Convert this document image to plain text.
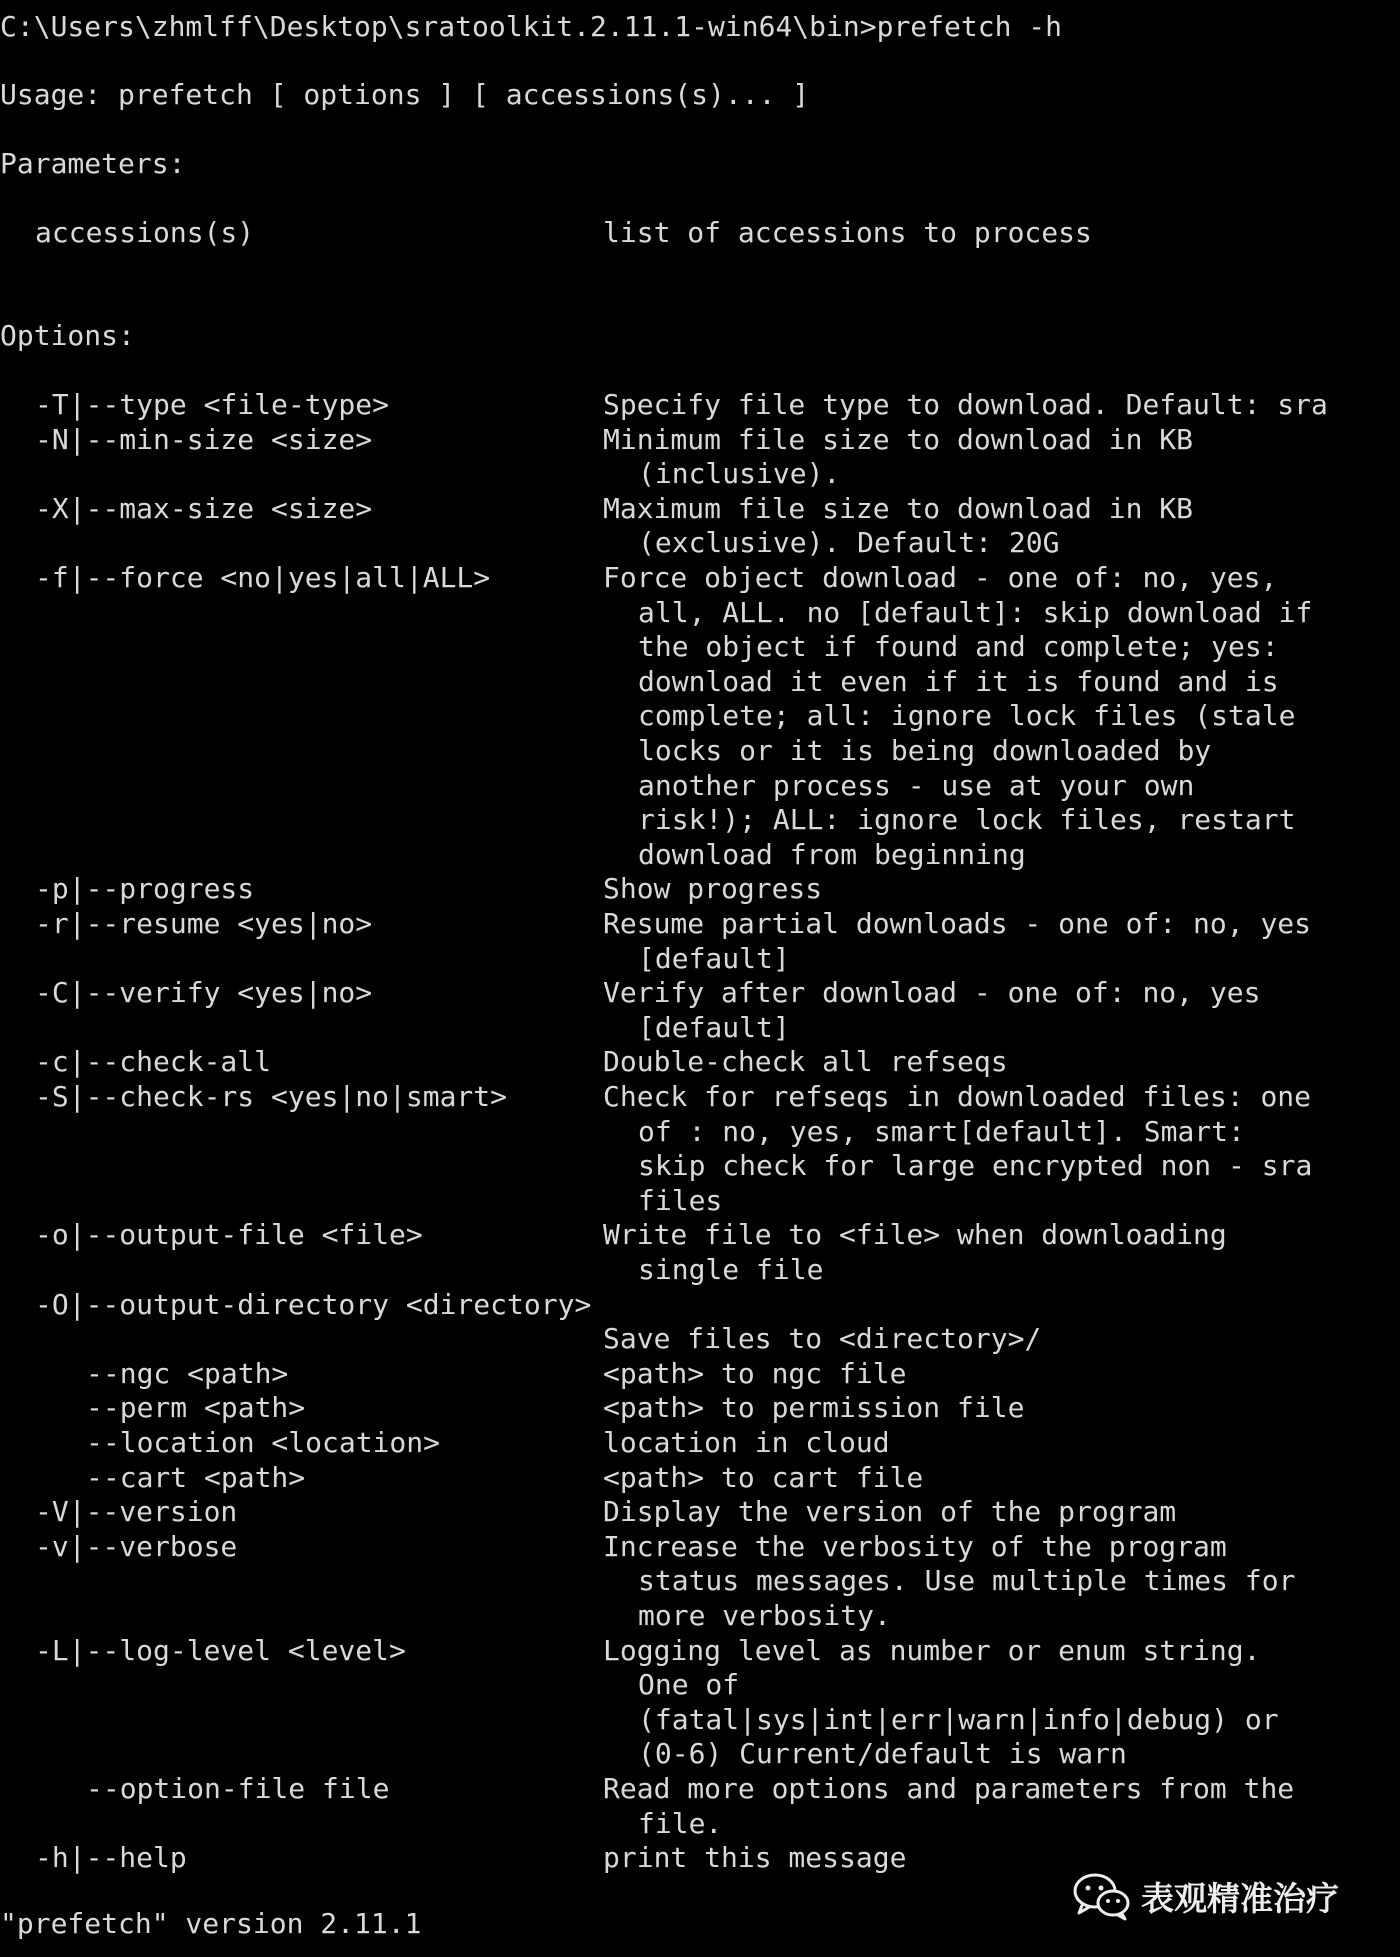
C:\Users\zhmlff\Desktop\sratoolkit.2.11.1-win64\bin>prefetch -h
Usage: prefetch [ options ] [ accessions(s)... ]
Parameters:
accessions(s)	list of accessions to process
Options:
-T|--type <file-type>	Specify file type to download. Default: sra
-N|--min-size <size>	Minimum file size to download in KB
(inclusive).
-X|--max-size <size>	Maximum file size to download in KB
(exclusive). Default: 20G
-f|--force <no|yes|all|ALL>	Force object download - one of: no, yes,
all, ALL. no [default]: skip download if
the object if found and complete; yes:
download it even if it is found and is
complete; all: ignore lock files (stale
locks or it is being downloaded by
another process - use at your own
risk!); ALL: ignore lock files, restart
download from beginning
-p|--progress	Show progress
-r|--resume <yes|no>	Resume partial downloads - one of: no, yes
[default]
-C|--verify <yes|no>	Verify after download - one of: no, yes
[default]
-c|--check-all	Double-check all refseqs
-S|--check-rs <yes|no|smart>	Check for refseqs in downloaded files: one
of : no, yes, smart[default]. Smart:
skip check for large encrypted non - sra
files
-o|--output-file <file>	Write file to <file> when downloading
single file
-O|--output-directory <directory>
Save files to <directory>/
--ngc <path>	<path> to ngc file
--perm <path>	<path> to permission file
--location <location>	location in cloud
--cart <path>	<path> to cart file
-V|--version	Display the version of the program
-v|--verbose	Increase the verbosity of the program
status messages. Use multiple times for
more verbosity.
-L|--log-level <level>	Logging level as number or enum string.
One of
(fatal|sys|int|err|warn|info|debug) or
(0-6) Current/default is warn
--option-file file	Read more options and parameters from the
file.
-h|--help	print this message
"prefetch" version 2.11.1
表观精准治疗
